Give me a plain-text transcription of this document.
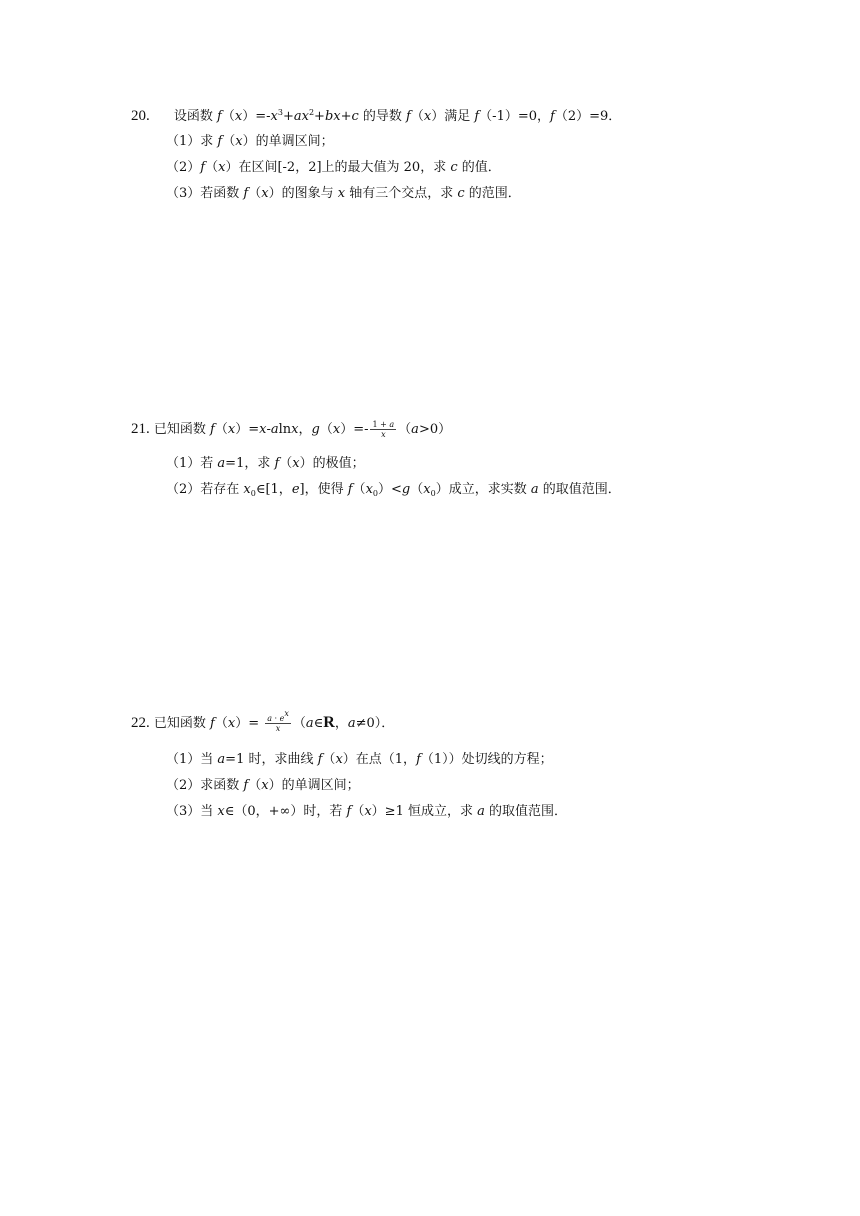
20. 设函数 $f(x)=-x^3+ax^2+bx+c$ 的导数 f（x）满足 f（-1）=0，f（2）=9．
（1）求 f（x）的单调区间；
（2）f（x）在区间[-2，2]上的最大值为 20，求 c 的值．
（3）若函数 f（x）的图象与 x 轴有三个交点，求 c 的范围．
21. 已知函数 f（x）=x-alnx，$g(x)=- \frac{1 + a}{x} (a>0)$
（1）若 a=1，求 f（x）的极值；
（2）若存在 $x_0\in[1$，e]，使得 $f(x_0)<g(x_0)$成立，求实数 a 的取值范围．
22. 已知函数 $f(x)= \frac{a \cdot e^x}{x}$ （a∈R，a≠0）．
（1）当 a=1 时，求曲线 f（x）在点（1，f（1））处切线的方程；
（2）求函数 f（x）的单调区间；
（3）当 x∈（0，+∞）时，若 f（x）≥1 恒成立，求 a 的取值范围．
